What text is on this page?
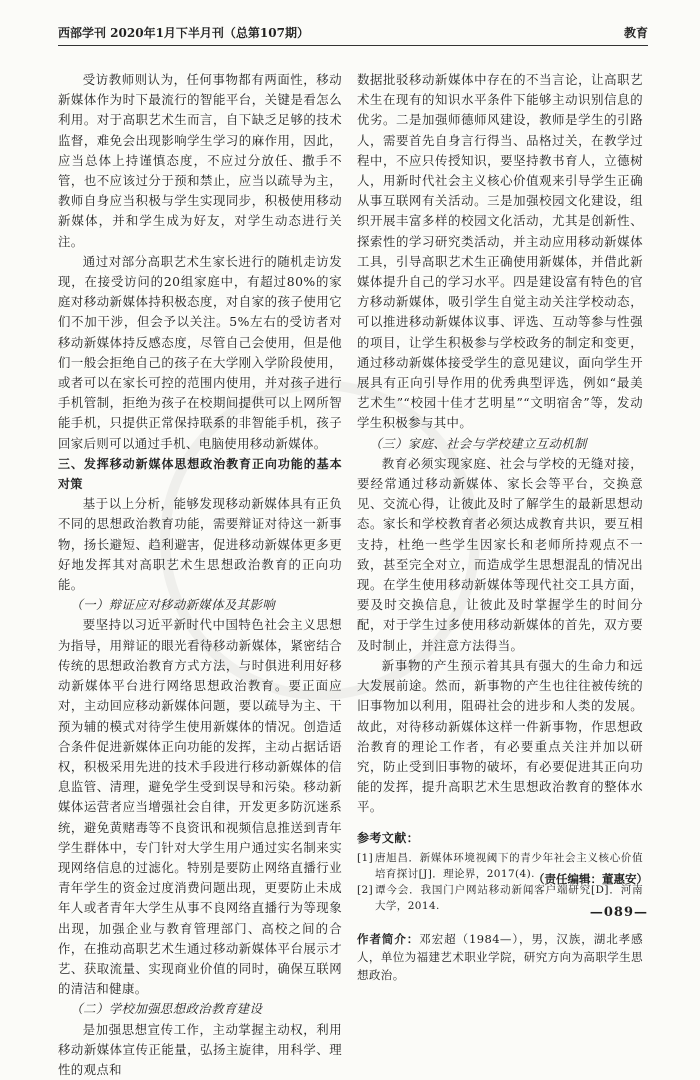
西部学刊 2020年1月下半月刊（总第107期）	教育

受访教师则认为，任何事物都有两面性，移动新媒体作为时下最流行的智能平台，关键是看怎么利用。对于高职艺术生而言，自下缺乏足够的技术监督，难免会出现影响学生学习的麻作用，因此，应当总体上持谨慎态度，不应过分放任、撒手不管，也不应该过分于预和禁止，应当以疏导为主，教师自身应当积极与学生实现同步，积极使用移动新媒体，并和学生成为好友，对学生动态进行关注。

通过对部分高职艺术生家长进行的随机走访发现，在接受访问的20组家庭中，有超过80%的家庭对移动新媒体持积极态度，对自家的孩子使用它们不加干涉，但会予以关注。5%左右的受访者对移动新媒体持反感态度，尽管自己会使用，但是他们一般会拒绝自己的孩子在大学刚入学阶段使用，或者可以在家长可控的范围内使用，并对孩子进行手机管制，拒绝为孩子在校期间提供可以上网所智能手机，只提供正常保持联系的非智能手机，孩子回家后则可以通过手机、电脑使用移动新媒体。

三、发挥移动新媒体思想政治教育正向功能的基本对策

基于以上分析，能够发现移动新媒体具有正负不同的思想政治教育功能，需要辩证对待这一新事物，扬长避短、趋利避害，促进移动新媒体更多更好地发挥其对高职艺术生思想政治教育的正向功能。

（一）辩证应对移动新媒体及其影响

要坚持以习近平新时代中国特色社会主义思想为指导，用辩证的眼光看待移动新媒体，紧密结合传统的思想政治教育方式方法，与时俱进利用好移动新媒体平台进行网络思想政治教育。要正面应对，主动回应移动新媒体问题，要以疏导为主、干预为辅的模式对待学生使用新媒体的情况。创造适合条件促进新媒体正向功能的发挥，主动占据话语权，积极采用先进的技术手段进行移动新媒体的信息监管、清理，避免学生受到误导和污染。移动新媒体运营者应当增强社会自律，开发更多防沉迷系统，避免黄赌毒等不良资讯和视频信息推送到青年学生群体中，专门针对大学生用户通过实名制来实现网络信息的过滤化。特别是要防止网络直播行业青年学生的资金过度消费问题出现，更要防止未成年人或者青年大学生从事不良网络直播行为等现象出现，加强企业与教育管理部门、高校之间的合作，在推动高职艺术生通过移动新媒体平台展示才艺、获取流量、实现商业价值的同时，确保互联网的清洁和健康。

（二）学校加强思想政治教育建设

是加强思想宣传工作，主动掌握主动权，利用移动新媒体宣传正能量，弘扬主旋律，用科学、理性的观点和

数据批驳移动新媒体中存在的不当言论，让高职艺术生在现有的知识水平条件下能够主动识别信息的优劣。二是加强师德师风建设，教师是学生的引路人，需要首先自身言行得当、品格过关，在教学过程中，不应只传授知识，要坚持教书育人，立德树人，用新时代社会主义核心价值观来引导学生正确从事互联网有关活动。三是加强校园文化建设，组织开展丰富多样的校园文化活动，尤其是创新性、探索性的学习研究类活动，并主动应用移动新媒体工具，引导高职艺术生正确使用新媒体，并借此新媒体提升自己的学习水平。四是建设富有特色的官方移动新媒体，吸引学生自觉主动关注学校动态，可以推进移动新媒体议事、评选、互动等参与性强的项目，让学生积极参与学校政务的制定和变更，通过移动新媒体接受学生的意见建议，面向学生开展具有正向引导作用的优秀典型评选，例如“最美艺术生”“校园十佳才艺明星”“文明宿舍”等，发动学生积极参与其中。

（三）家庭、社会与学校建立互动机制

教育必须实现家庭、社会与学校的无缝对接，要经常通过移动新媒体、家长会等平台，交换意见、交流心得，让彼此及时了解学生的最新思想动态。家长和学校教育者必须达成教育共识，要互相支持，杜绝一些学生因家长和老师所持观点不一致，甚至完全对立，而造成学生思想混乱的情况出现。在学生使用移动新媒体等现代社交工具方面，要及时交换信息，让彼此及时掌握学生的时间分配，对于学生过多使用移动新媒体的首先，双方要及时制止，并注意方法得当。

新事物的产生预示着其具有强大的生命力和远大发展前途。然而，新事物的产生也往往被传统的旧事物加以利用，阻碍社会的进步和人类的发展。故此，对待移动新媒体这样一件新事物，作思想政治教育的理论工作者，有必要重点关注并加以研究，防止受到旧事物的破坏，有必要促进其正向功能的发挥，提升高职艺术生思想政治教育的整体水平。

参考文献：

[1] 唐旭昌．新媒体环境视阈下的青少年社会主义核心价值培育探讨[J]．理论界，2017(4).

[2] 谭今会．我国门户网站移动新闻客户端研究[D]．河南大学，2014.

作者简介：邓宏超（1984—），男，汉族，湖北孝感人，单位为福建艺术职业学院，研究方向为高职学生思想政治。
（责任编辑：董惠安）
—089—
